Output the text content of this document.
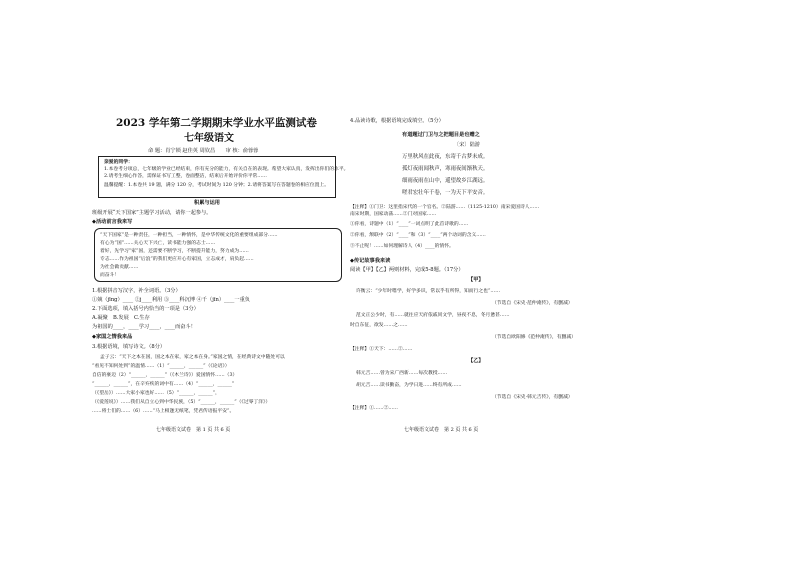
2023 学年第二学期期末学业水平监测试卷
七年级语文
命 题：肖宁锁 赵佳英 周钦昌　　审 核：俞蓉蓉
亲爱的同学：
1.本卷考分项总，七年级的学业已经结束，你有充分的能力，有关自在的表现。希望大家认真，发挥出你们的水平。
2.请考生细心作答，需保证书写工整，卷面整洁，结束后开始评价你平常……
温馨提醒：1.本卷共 19 题，满分 120 分，考试时间为 120 分钟；2.请将答案写在答题卷的相应位置上。
积累与运用
班级开展“天下国家”主题学习活动，请你一起参与。
◆活动前言我来写
“天下国家”是一种责任，一种担当，一种情怀，是中华传统文化的重要组成部分……
有心为“国”……关心天下兴亡，读书能力强的志士……
着好，先学习“家”国，还需要不断学习，不断提升能力，努力成为……
专志……作为祖国“后浪”的我们更应开心有家国，立志成才，肩负起……
为社会做贡献……
而奋斗！
1.根据拼音写汉字，补全词语。（3分）
①兢（jīng）____ ②j____利用 ③____科沉博 ④千（jīn）____一重负
2.下面选项，填入括号内恰当的一项是（3分）
A.凝聚　B.发展　C.生存
为祖国的____，____学习____，____而奋斗！
◆家国之情我来品
3.根据语境，填写诗文。（8分）
孟子云：“天下之本在国，国之本在家，家之本在身。”家国之情，在经典诗文中随处可以
“看见不知何处到”的温情……（1）“______，______”（《论语》）
自信的豪迈（2）“______，______”（《木兰诗》）爱国情怀……（3）
“______，______”，在辛弃疾的词中有……（4）“______，______”
（《望岳》）……大家小家也好……（5）“______，______”，
（《爱莲说》）……我们从自立心到中华民族，（5）“______，______”（《过零丁洋》）
……将士们的……（6）……“马上相逢无纸笔，凭君传语报平安”。
七年级语文试卷　第 1 页 共 6 页
4.品读诗歌，根据语境完成填空。（5分）
有道题过门卫与之把题目是也赠之
〔宋〕陆游
万里秋风在此夜，东寄千古梦未成。
孤灯夜雨闻秋声，寒雨夜间渐秋天。
细雨夜雨在山中，遥望故乡江湖远。
嗟君宏壮年千卷，一为天下平安音。
【注释】①门卫：这里指宋代的一个官名。②陆游……（1125-1210）南宋爱国诗人……
南宋时期，国家动荡……②门对国家……
①你看，诗题中（1）“____”一词点明了此首诗歌的……
②你看，颔联中（2）“____”和（3）“____”两个动词的含义……
③不止呢！……如何理解诗人（4）____的情怀。
◆传记故事我来读
阅读【甲】【乙】两则材料，完成5-8题。（17分）
【甲】
许衡云：“少年时嗜学，好学多识，常以乎有所得，知而行之也”……
（节选自《宋史·范仲淹传》，有删减）
范文正公少时，有……就往应天府依戚同文学，昼夜不息，冬月惫甚……
时自东征，欲发……之……
（节选自欧阳修《范仲淹传》，有删减）
【注释】①天下：……②……
【乙】
韩元吉……曾为宋广西新……每次教授……
胡元吉……读书勤奋，为学日进……终有所成……
（节选自《宋史·韩元吉传》，有删减）
【注释】①……②……
七年级语文试卷　第 2 页 共 6 页
